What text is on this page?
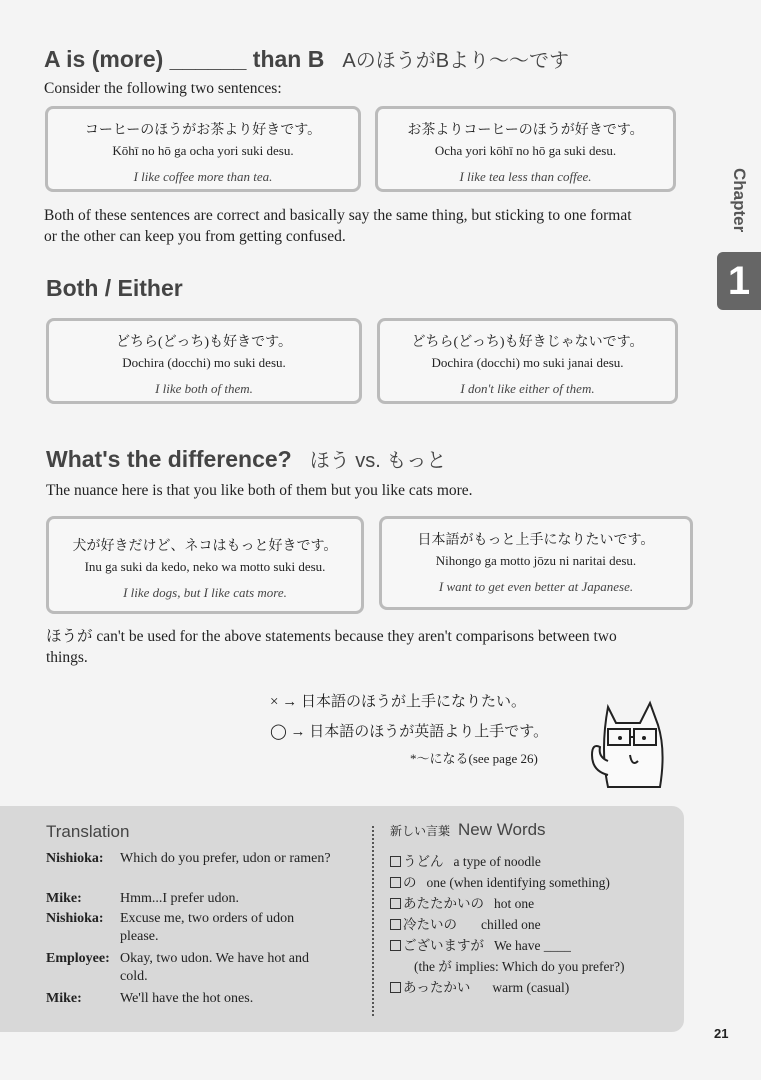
A is (more) ______ than B AのほうがBより〜〜です
Consider the following two sentences:
コーヒーのほうがお茶より好きです。
Kōhī no hō ga ocha yori suki desu.
I like coffee more than tea.
お茶よりコーヒーのほうが好きです。
Ocha yori kōhī no hō ga suki desu.
I like tea less than coffee.
Both of these sentences are correct and basically say the same thing, but sticking to one format
or the other can keep you from getting confused.
Both / Either
どちら(どっち)も好きです。
Dochira (docchi) mo suki desu.
I like both of them.
どちら(どっち)も好きじゃないです。
Dochira (docchi) mo suki janai desu.
I don't like either of them.
What's the difference? ほう vs. もっと
The nuance here is that you like both of them but you like cats more.
犬が好きだけど、ネコはもっと好きです。
Inu ga suki da kedo, neko wa motto suki desu.
I like dogs, but I like cats more.
日本語がもっと上手になりたいです。
Nihongo ga motto jōzu ni naritai desu.
I want to get even better at Japanese.
ほうが can't be used for the above statements because they aren't comparisons between two
things.
× → 日本語のほうが上手になりたい。
◯ → 日本語のほうが英語より上手です。
*〜になる(see page 26)
Chapter
1
Translation
Nishioka: Which do you prefer, udon or ramen?
Mike:	Hmm...I prefer udon.
Nishioka: Excuse me, two orders of udon please.
Employee: Okay, two udon. We have hot and cold.
Mike:	We'll have the hot ones.
新しい言葉 New Words
うどん a type of noodle
の one (when identifying something)
あたたかいの hot one
冷たいの chilled one
ございますが We have ____
(the が implies: Which do you prefer?)
あったかい warm (casual)
21
